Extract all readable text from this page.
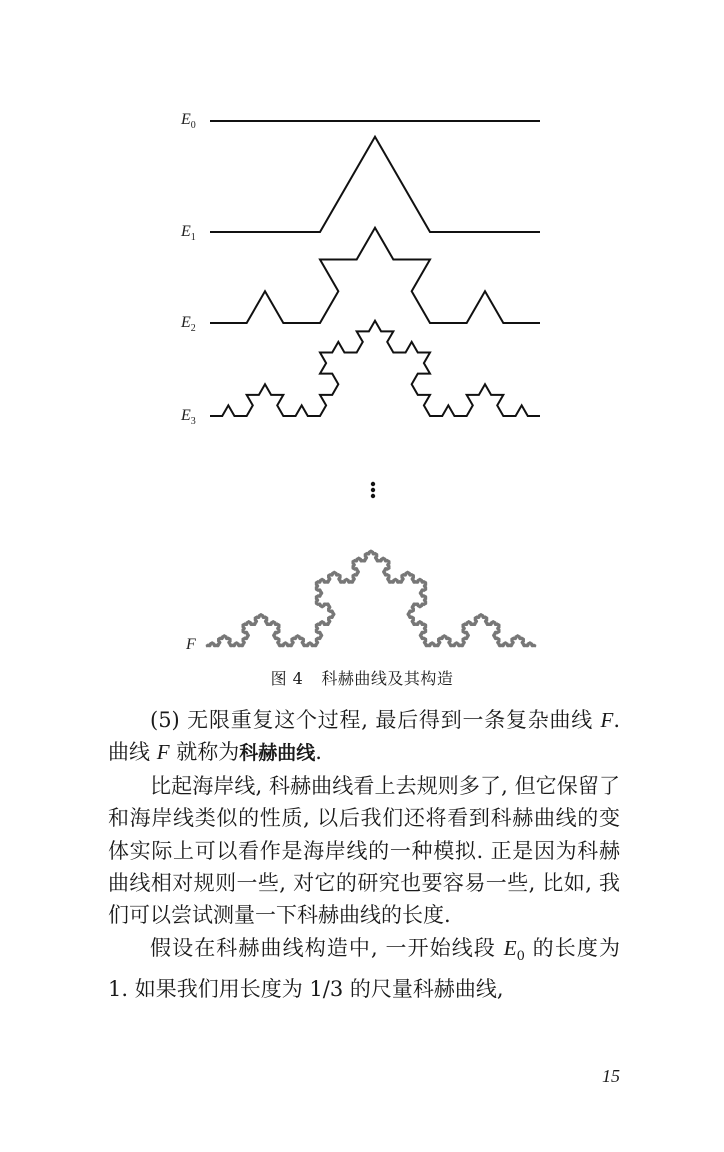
$E_0$
$E_1$
$E_2$
$E_3$
F
图 4 科赫曲线及其构造

(5) 无限重复这个过程, 最后得到一条复杂曲线 F. 曲线 F 就称为科赫曲线.

比起海岸线, 科赫曲线看上去规则多了, 但它保留了和海岸线类似的性质, 以后我们还将看到科赫曲线的变体实际上可以看作是海岸线的一种模拟. 正是因为科赫曲线相对规则一些, 对它的研究也要容易一些, 比如, 我们可以尝试测量一下科赫曲线的长度.

假设在科赫曲线构造中, 一开始线段 $E_0$ 的长度为 1. 如果我们用长度为 1/3 的尺量科赫曲线,

15
